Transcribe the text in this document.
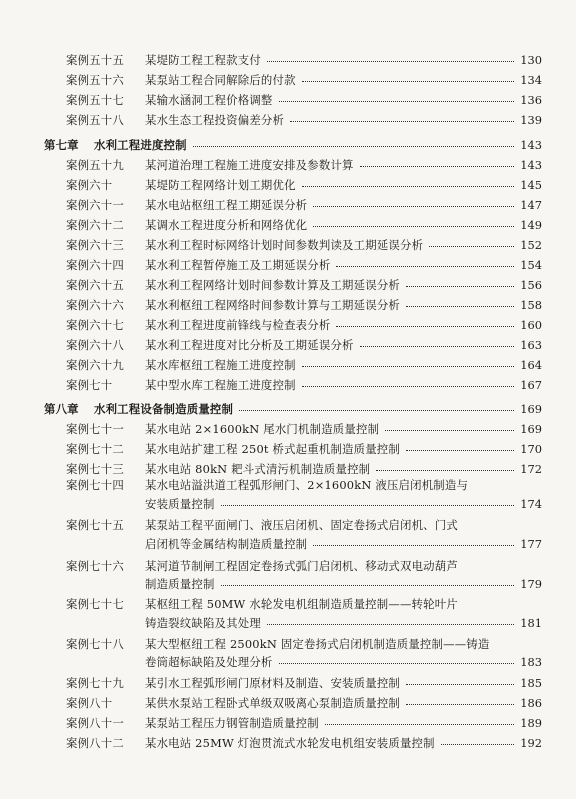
案例五十五 某堤防工程工程款支付	130
案例五十六 某泵站工程合同解除后的付款	134
案例五十七 某输水涵洞工程价格调整	136
案例五十八 某水生态工程投资偏差分析	139
第七章 水利工程进度控制	143
案例五十九 某河道治理工程施工进度安排及参数计算	143
案例六十	某堤防工程网络计划工期优化	145
案例六十一 某水电站枢纽工程工期延误分析	147
案例六十二 某调水工程进度分析和网络优化	149
案例六十三 某水利工程时标网络计划时间参数判读及工期延误分析	152
案例六十四 某水利工程暂停施工及工期延误分析	154
案例六十五 某水利工程网络计划时间参数计算及工期延误分析	156
案例六十六 某水利枢纽工程网络时间参数计算与工期延误分析	158
案例六十七 某水利工程进度前锋线与检查表分析	160
案例六十八 某水利工程进度对比分析及工期延误分析	163
案例六十九 某水库枢纽工程施工进度控制	164
案例七十	某中型水库工程施工进度控制	167
第八章 水利工程设备制造质量控制	169
案例七十一 某水电站 2×1600kN 尾水门机制造质量控制	169
案例七十二 某水电站扩建工程 250t 桥式起重机制造质量控制	170
案例七十三 某水电站 80kN 耙斗式清污机制造质量控制	172
案例七十四 某水电站溢洪道工程弧形闸门、2×1600kN 液压启闭机制造与
安装质量控制	174
案例七十五 某泵站工程平面闸门、液压启闭机、固定卷扬式启闭机、门式
启闭机等金属结构制造质量控制	177
案例七十六 某河道节制闸工程固定卷扬式弧门启闭机、移动式双电动葫芦
制造质量控制	179
案例七十七 某枢纽工程 50MW 水轮发电机组制造质量控制——转轮叶片
铸造裂纹缺陷及其处理	181
案例七十八 某大型枢纽工程 2500kN 固定卷扬式启闭机制造质量控制——铸造
卷筒超标缺陷及处理分析	183
案例七十九 某引水工程弧形闸门原材料及制造、安装质量控制	185
案例八十	某供水泵站工程卧式单级双吸离心泵制造质量控制	186
案例八十一 某泵站工程压力钢管制造质量控制	189
案例八十二 某水电站 25MW 灯泡贯流式水轮发电机组安装质量控制	192
